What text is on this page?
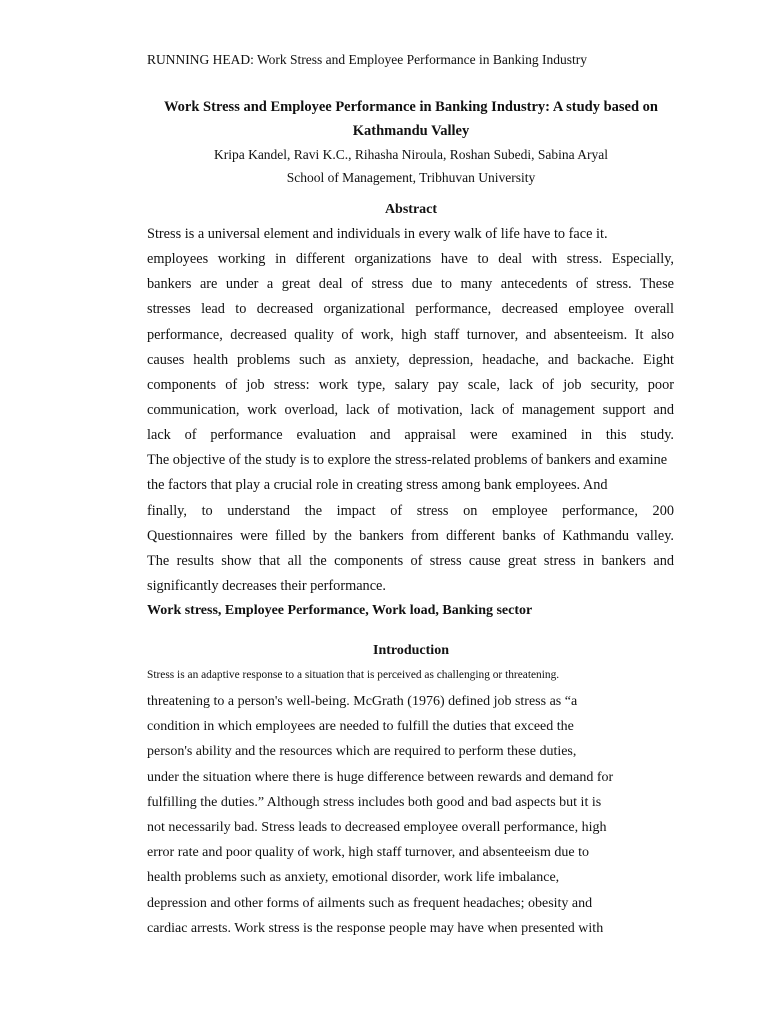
RUNNING HEAD: Work Stress and Employee Performance in Banking Industry
Work Stress and Employee Performance in Banking Industry: A study based on
Kathmandu Valley
Kripa Kandel, Ravi K.C., Rihasha Niroula, Roshan Subedi, Sabina Aryal
School of Management, Tribhuvan University
Abstract
Stress is a universal element and individuals in every walk of life have to face it.
employees working in different organizations have to deal with stress. Especially,
bankers are under a great deal of stress due to many antecedents of stress. These
stresses lead to decreased organizational performance, decreased employee overall
performance, decreased quality of work, high staff turnover, and absenteeism. It also
causes health problems such as anxiety, depression, headache, and backache. Eight
components of job stress: work type, salary pay scale, lack of job security, poor
communication, work overload, lack of motivation, lack of management support and
lack of performance evaluation and appraisal were examined in this study.
The objective of the study is to explore the stress-related problems of bankers and examine
the factors that play a crucial role in creating stress among bank employees. And
finally, to understand the impact of stress on employee performance, 200
Questionnaires were filled by the bankers from different banks of Kathmandu valley.
The results show that all the components of stress cause great stress in bankers and
significantly decreases their performance.
Work stress, Employee Performance, Work load, Banking sector
Introduction
Stress is an adaptive response to a situation that is perceived as challenging or threatening.
threatening to a person's well-being. McGrath (1976) defined job stress as “a
condition in which employees are needed to fulfill the duties that exceed the
person's ability and the resources which are required to perform these duties,
under the situation where there is huge difference between rewards and demand for
fulfilling the duties.” Although stress includes both good and bad aspects but it is
not necessarily bad. Stress leads to decreased employee overall performance, high
error rate and poor quality of work, high staff turnover, and absenteeism due to
health problems such as anxiety, emotional disorder, work life imbalance,
depression and other forms of ailments such as frequent headaches; obesity and
cardiac arrests. Work stress is the response people may have when presented with
